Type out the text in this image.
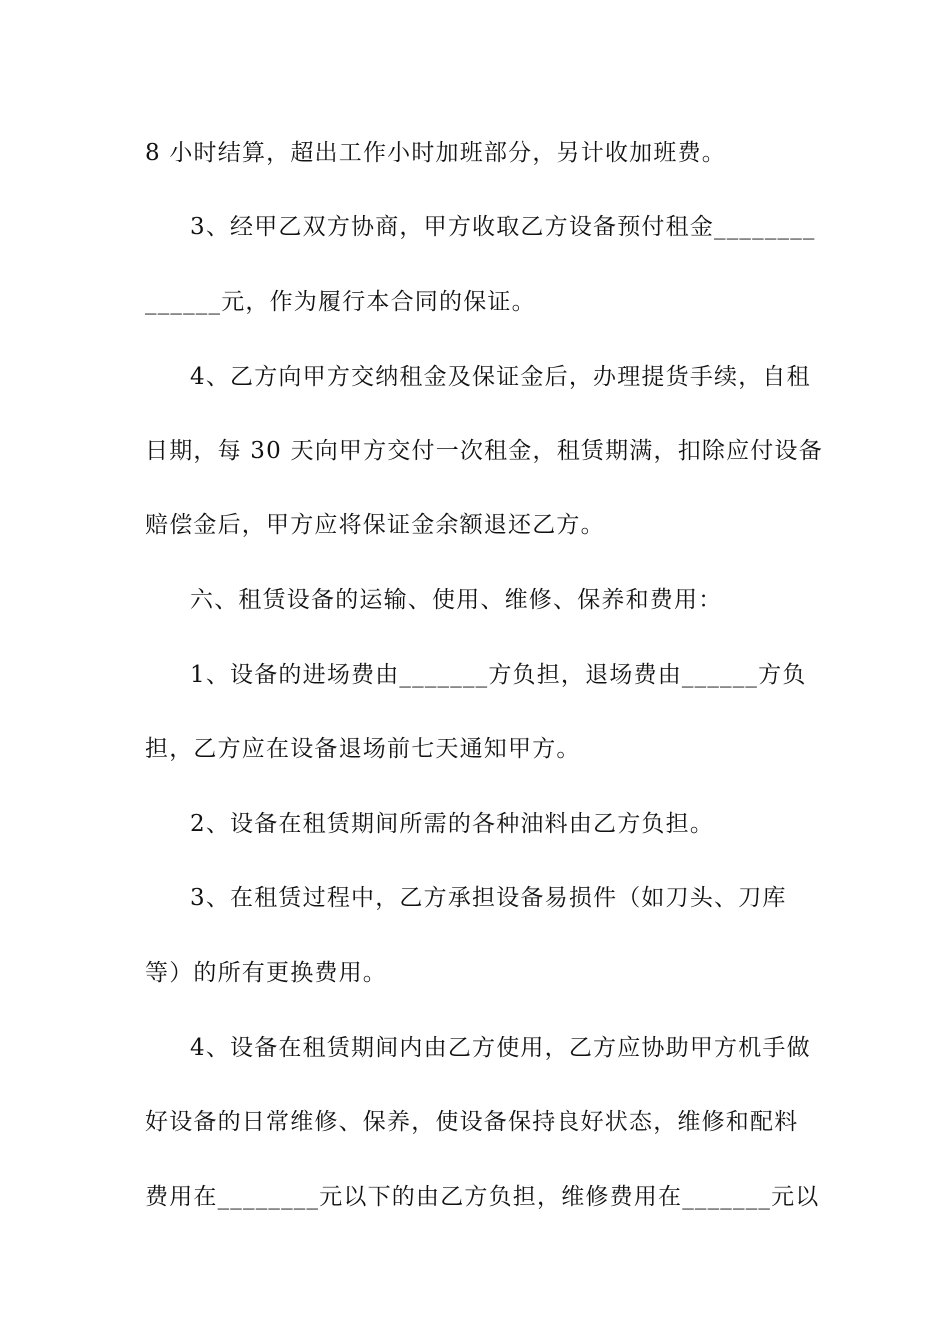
8 小时结算，超出工作小时加班部分，另计收加班费。
3、经甲乙双方协商，甲方收取乙方设备预付租金________
______元，作为履行本合同的保证。
4、乙方向甲方交纳租金及保证金后，办理提货手续，自租
日期，每 30 天向甲方交付一次租金，租赁期满，扣除应付设备
赔偿金后，甲方应将保证金余额退还乙方。
六、租赁设备的运输、使用、维修、保养和费用：
1、设备的进场费由_______方负担，退场费由______方负
担，乙方应在设备退场前七天通知甲方。
2、设备在租赁期间所需的各种油料由乙方负担。
3、在租赁过程中，乙方承担设备易损件（如刀头、刀库
等）的所有更换费用。
4、设备在租赁期间内由乙方使用，乙方应协助甲方机手做
好设备的日常维修、保养，使设备保持良好状态，维修和配料
费用在________元以下的由乙方负担，维修费用在_______元以
